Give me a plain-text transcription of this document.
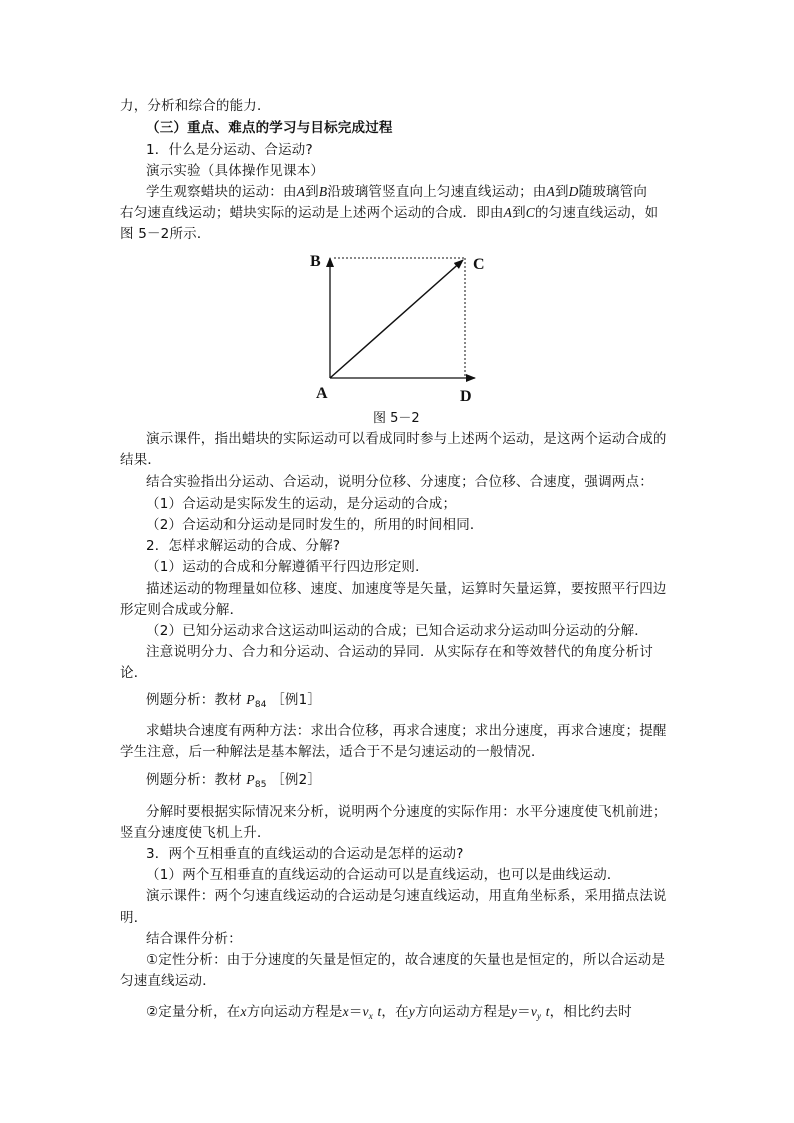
力，分析和综合的能力．
（三）重点、难点的学习与目标完成过程
1．什么是分运动、合运动?
演示实验（具体操作见课本）
学生观察蜡块的运动：由A到B沿玻璃管竖直向上匀速直线运动；由A到D随玻璃管向
右匀速直线运动；蜡块实际的运动是上述两个运动的合成．即由A到C的匀速直线运动，如
图 5－2所示．
B	C
A	D
图 5－2
演示课件，指出蜡块的实际运动可以看成同时参与上述两个运动，是这两个运动合成的
结果．
结合实验指出分运动、合运动，说明分位移、分速度；合位移、合速度，强调两点：
（1）合运动是实际发生的运动，是分运动的合成；
（2）合运动和分运动是同时发生的，所用的时间相同．
2．怎样求解运动的合成、分解?
（1）运动的合成和分解遵循平行四边形定则．
描述运动的物理量如位移、速度、加速度等是矢量，运算时矢量运算，要按照平行四边
形定则合成或分解．
（2）已知分运动求合这运动叫运动的合成；已知合运动求分运动叫分运动的分解．
注意说明分力、合力和分运动、合运动的异同．从实际存在和等效替代的角度分析讨
论．
例题分析：教材 $P_{84}$ ［例1］
求蜡块合速度有两种方法：求出合位移，再求合速度；求出分速度，再求合速度；提醒
学生注意，后一种解法是基本解法，适合于不是匀速运动的一般情况．
例题分析：教材 $P_{85}$ ［例2］
分解时要根据实际情况来分析，说明两个分速度的实际作用：水平分速度使飞机前进；
竖直分速度使飞机上升．
3．两个互相垂直的直线运动的合运动是怎样的运动?
（1）两个互相垂直的直线运动的合运动可以是直线运动，也可以是曲线运动．
演示课件：两个匀速直线运动的合运动是匀速直线运动，用直角坐标系，采用描点法说
明．
结合课件分析：
①定性分析：由于分速度的矢量是恒定的，故合速度的矢量也是恒定的，所以合运动是
匀速直线运动．
②定量分析，在x方向运动方程是$x=v_x$ t，在y方向运动方程是$y=v_y$ t，相比约去时
